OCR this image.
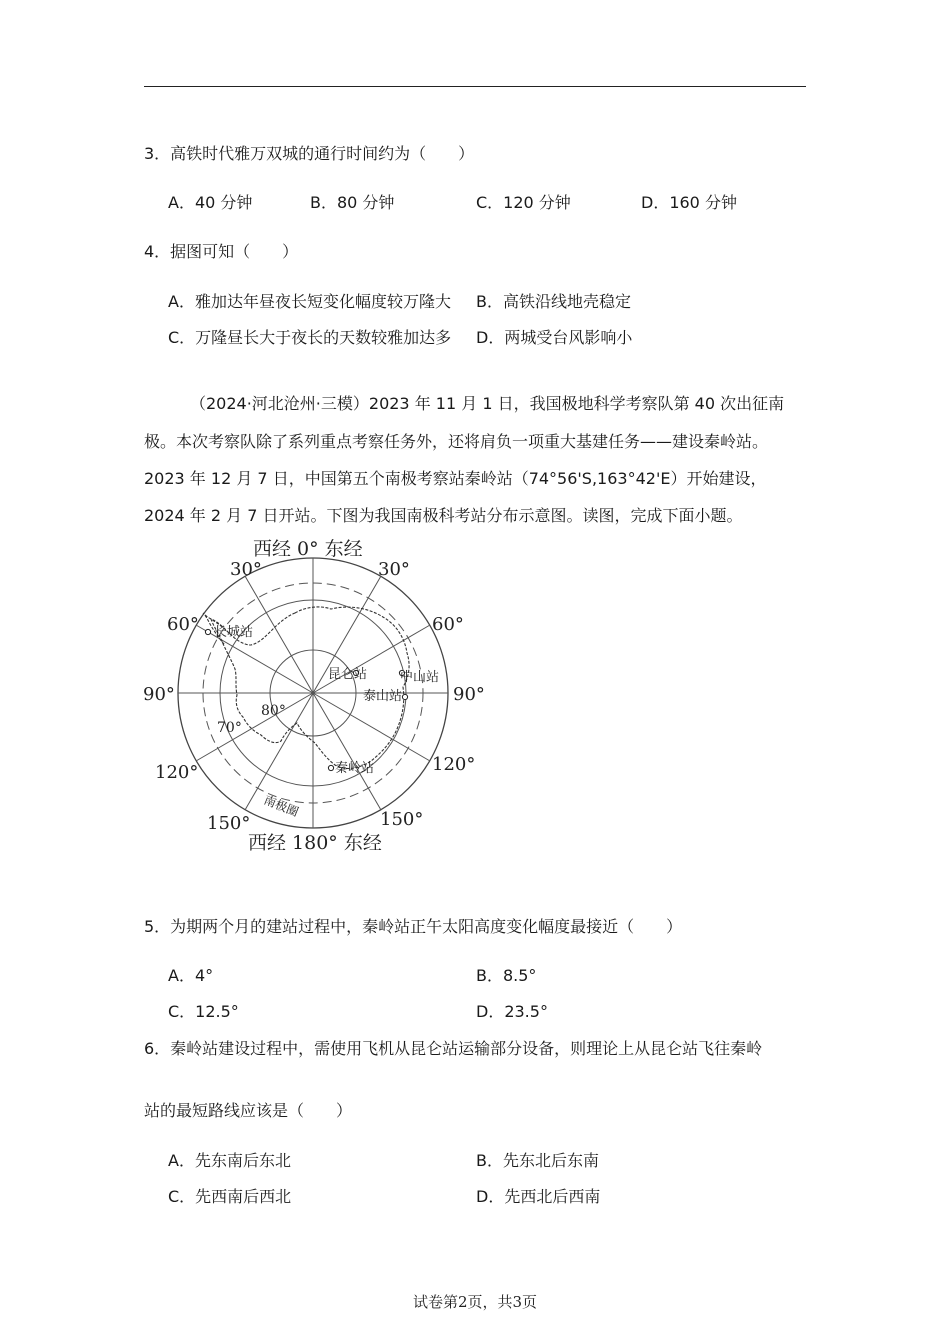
3．高铁时代雅万双城的通行时间约为（　　）
A．40 分钟	B．80 分钟	C．120 分钟	D．160 分钟
4．据图可知（　　）
A．雅加达年昼夜长短变化幅度较万隆大 B．高铁沿线地壳稳定
C．万隆昼长大于夜长的天数较雅加达多 D．两城受台风影响小
（2024·河北沧州·三模）2023 年 11 月 1 日，我国极地科学考察队第 40 次出征南
极。本次考察队除了系列重点考察任务外，还将肩负一项重大基建任务——建设秦岭站。
2023 年 12 月 7 日，中国第五个南极考察站秦岭站（74°56'S,163°42'E）开始建设，
2024 年 2 月 7 日开站。下图为我国南极科考站分布示意图。读图，完成下面小题。
西经 0° 东经
30°	30°
60°	60°
90°	90°
120°	120°
150°	150°
西经 180° 东经
70°
80°
南极圈
长城站
昆仑站	中山站
泰山站
秦岭站
5．为期两个月的建站过程中，秦岭站正午太阳高度变化幅度最接近（　　）
A．4°	B．8.5°
C．12.5°	D．23.5°
6．秦岭站建设过程中，需使用飞机从昆仑站运输部分设备，则理论上从昆仑站飞往秦岭
站的最短路线应该是（　　）
A．先东南后东北	B．先东北后东南
C．先西南后西北	D．先西北后西南
试卷第2页，共3页
